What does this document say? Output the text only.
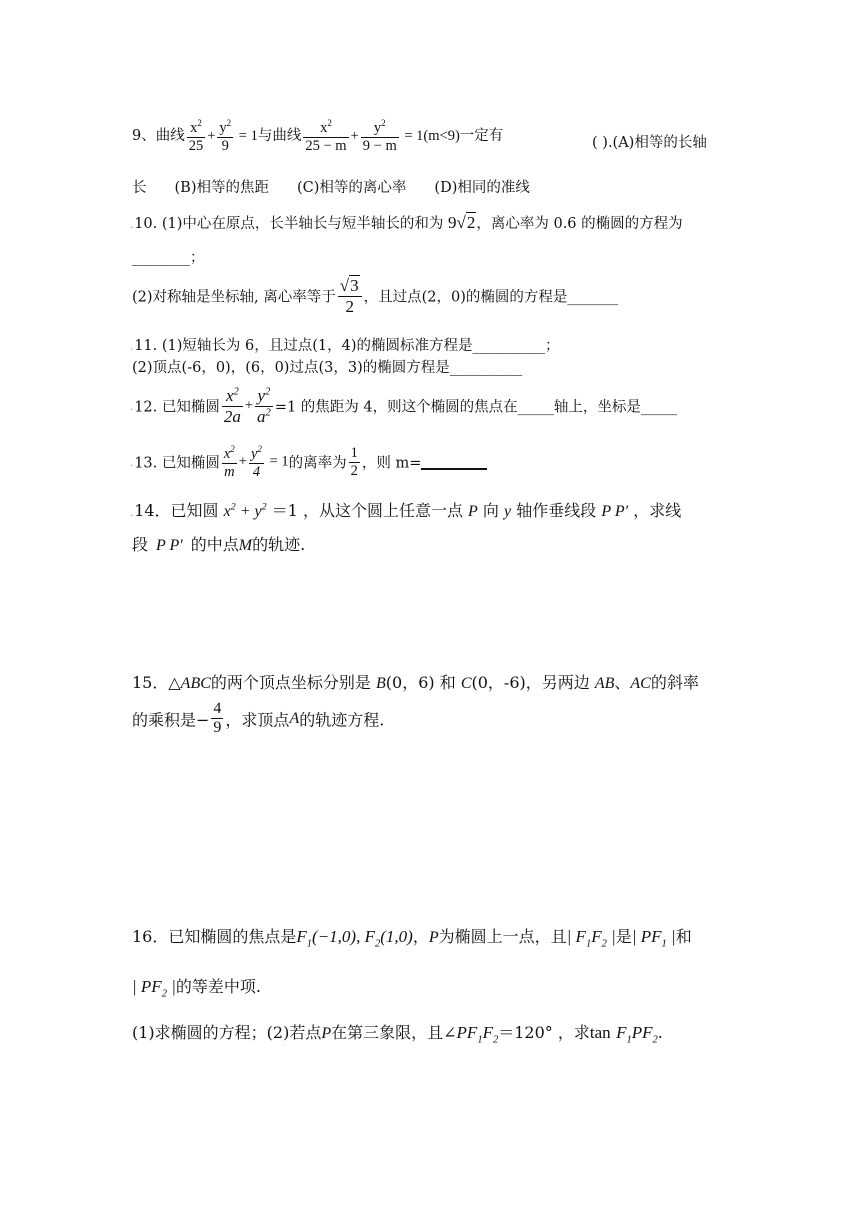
9、曲线 $\frac{x^2}{25} + \frac{y^2}{9} = 1$与曲线 $\frac{x^2}{25 - m} + \frac{y^2}{9 - m} = 1(m<9)$一定有	( ).(A)相等的长轴
长 (B)相等的焦距 (C)相等的离心率 (D)相同的准线
.10. (1)中心在原点，长半轴长与短半轴长的和为 9√2，离心率为 0.6 的椭圆的方程为
________；
(2)对称轴是坐标轴, 离心率等于 $\frac{√3}{2}$ ，且过点(2，0)的椭圆的方程是_______
.11. (1)短轴长为 6，且过点(1，4)的椭圆标准方程是__________；
(2)顶点(-6，0)，(6，0)过点(3，3)的椭圆方程是__________
.12. 已知椭圆 $\frac{x^2}{2a} + \frac{y^2}{a^2} =1$ 的焦距为 4，则这个椭圆的焦点在_____轴上，坐标是_____
.13. 已知椭圆 $\frac{x^2}{m} + \frac{y^2}{4} = 1$的离率为 $\frac{1}{2}$ ，则 m=
.14．已知圆 $x^2 + y^2 =1$ ，从这个圆上任意一点 P 向 y 轴作垂线段 P P′ ，求线
段 P P′ 的中点M的轨迹.
15．△ABC的两个顶点坐标分别是 B(0，6) 和 C(0，-6)，另两边 AB、AC的斜率
的乘积是− $\frac{4}{9}$ ，求顶点A的轨迹方程.
16．已知椭圆的焦点是$F_1(-1,0)$, $F_2(1,0)$，P为椭圆上一点，且| $F_1F_2$ |是| $PF_1$ |和
| $PF_2$ |的等差中项.
(1)求椭圆的方程；(2)若点P在第三象限，且$\angle PF_1F_2=120^\circ$ ，求$\tan F_1PF_2$.
